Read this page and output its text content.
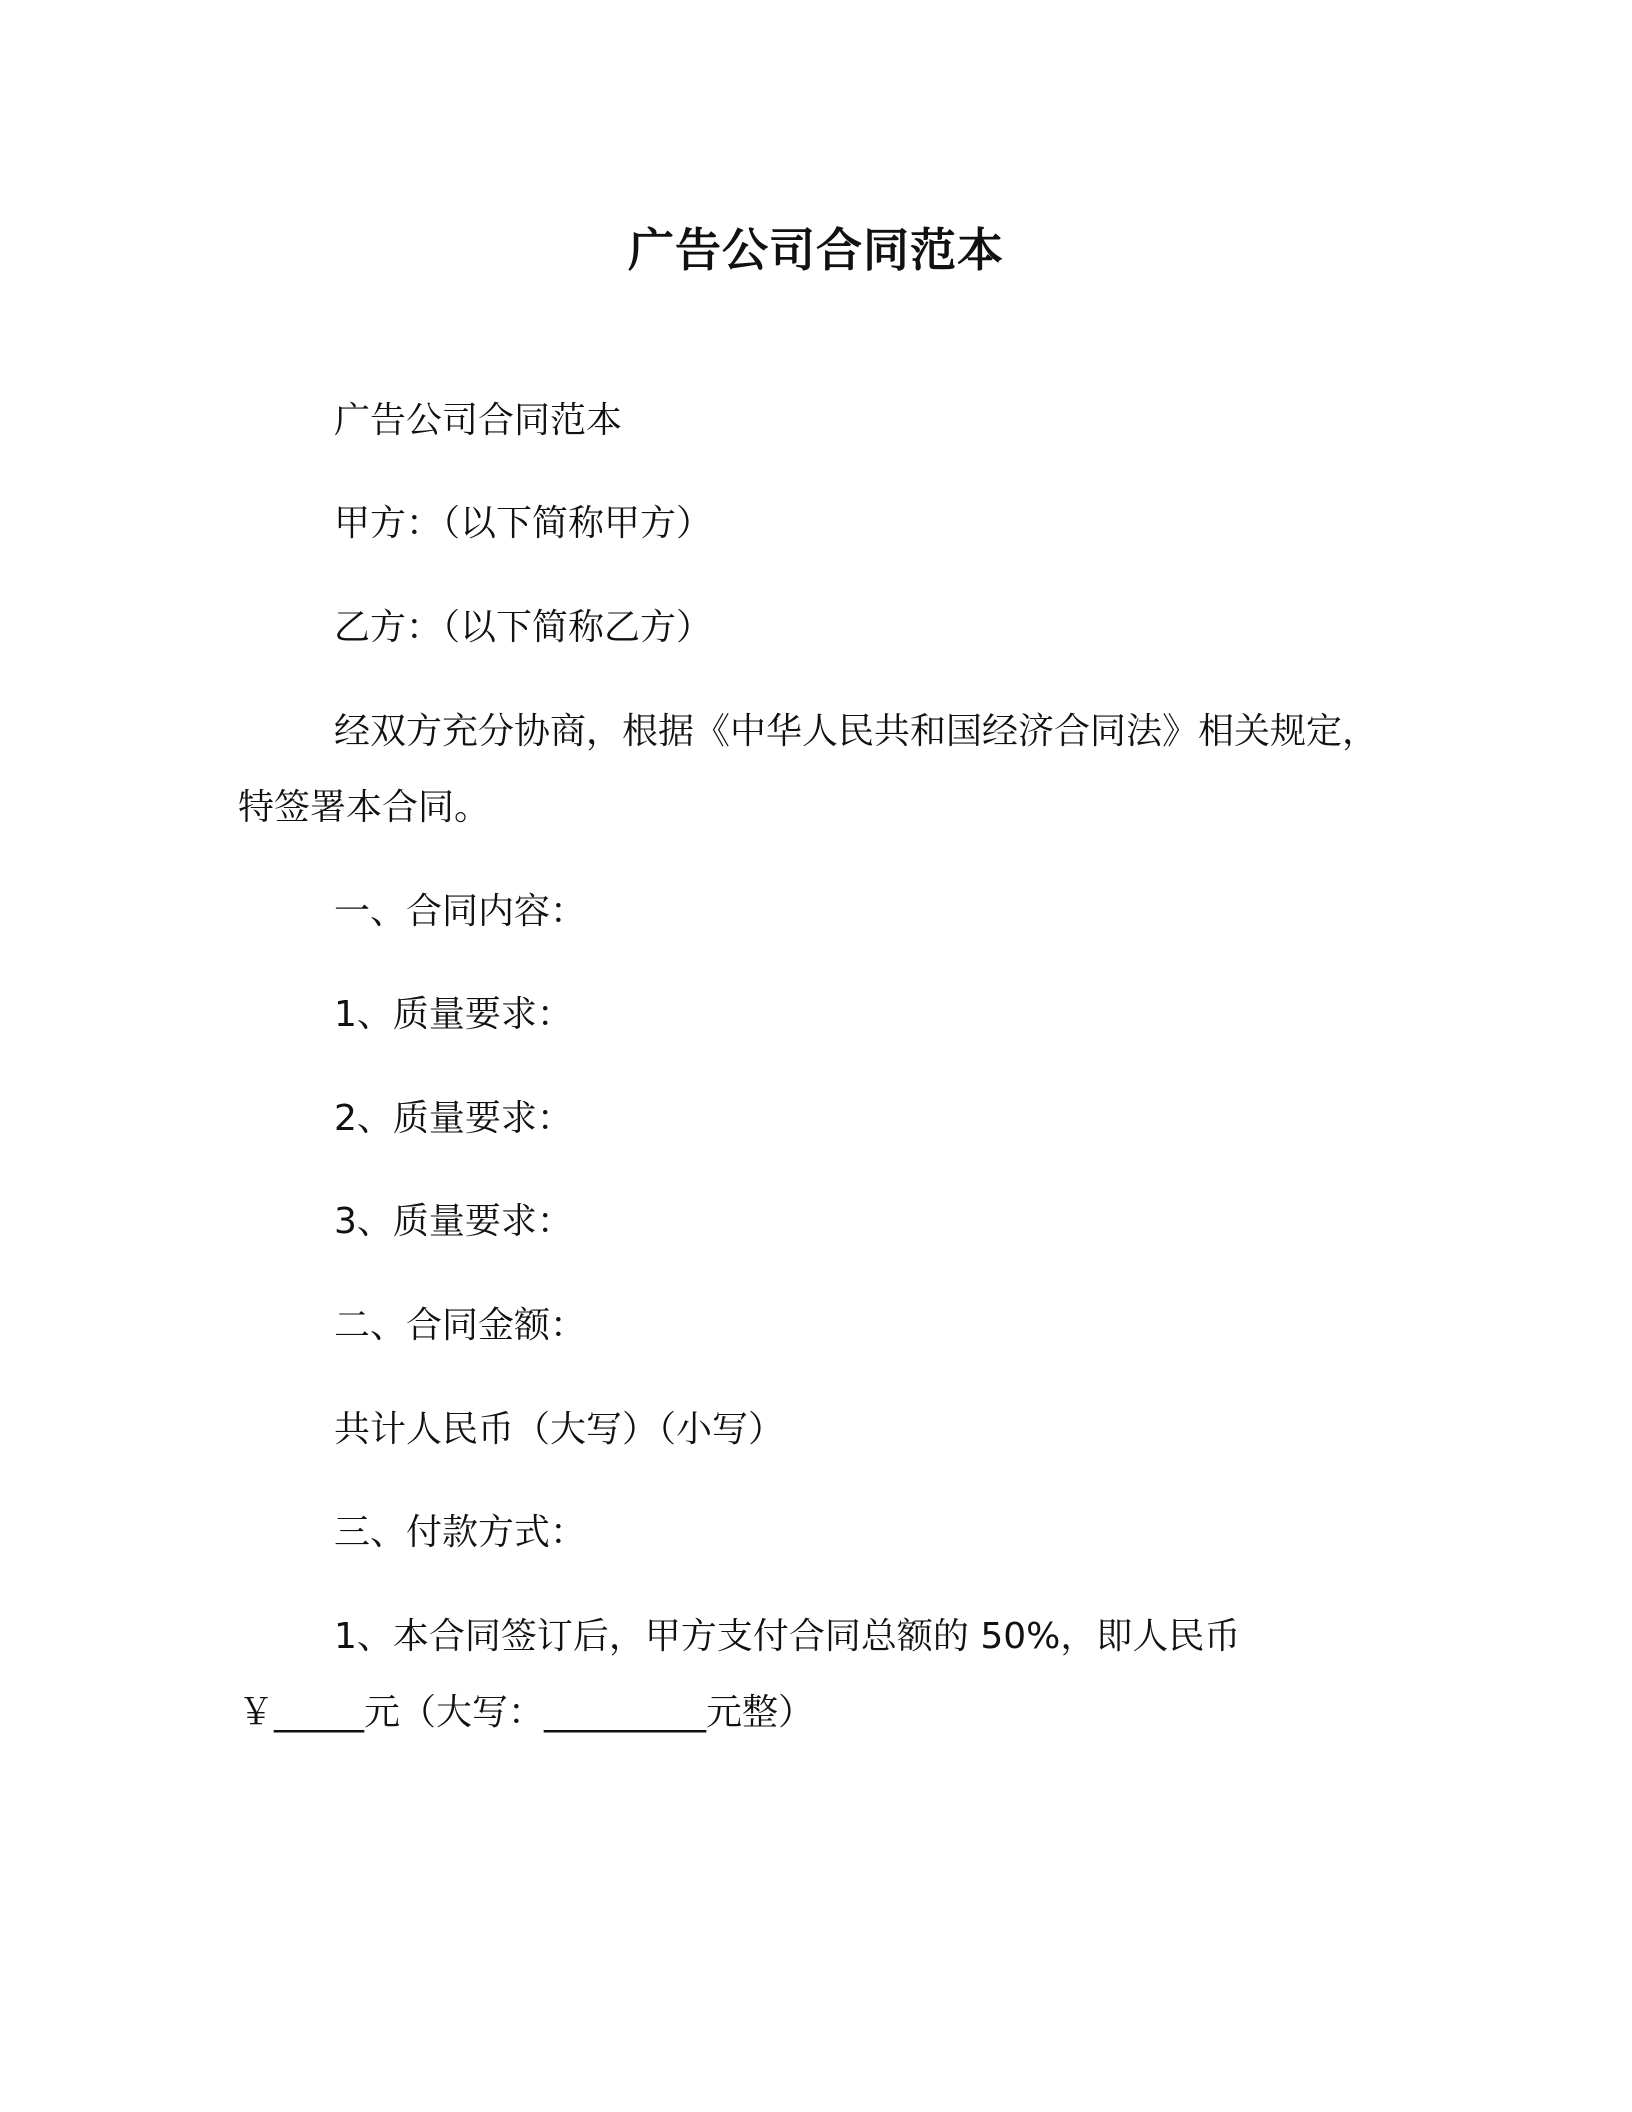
广告公司合同范本
广告公司合同范本
甲方：（以下简称甲方）
乙方：（以下简称乙方）
经双方充分协商，根据《中华人民共和国经济合同法》相关规定，
特签署本合同。
一、合同内容：
1、质量要求：
2、质量要求：
3、质量要求：
二、合同金额：
共计人民币（大写）（小写）
三、付款方式：
1、本合同签订后，甲方支付合同总额的 50%，即人民币
￥_____元（大写：_________元整）
